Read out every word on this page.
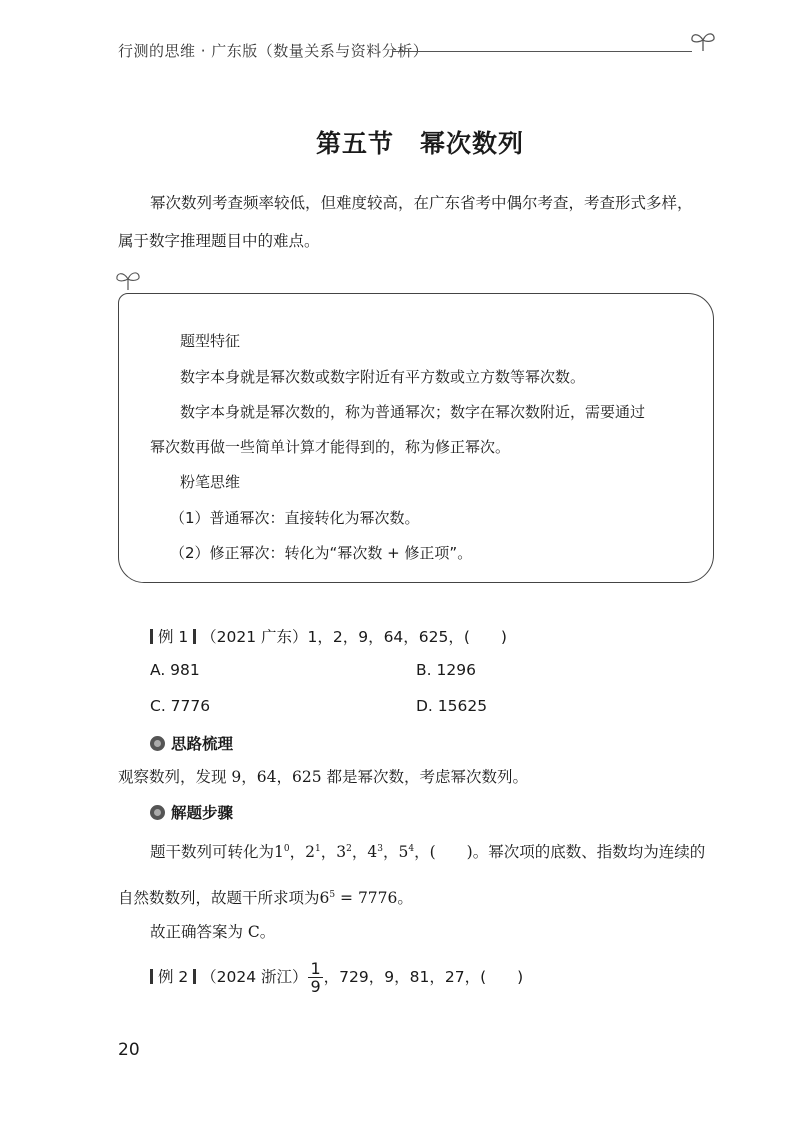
行测的思维 · 广东版（数量关系与资料分析）
第五节　幂次数列
幂次数列考查频率较低，但难度较高，在广东省考中偶尔考查，考查形式多样，
属于数字推理题目中的难点。
题型特征
数字本身就是幂次数或数字附近有平方数或立方数等幂次数。
数字本身就是幂次数的，称为普通幂次；数字在幂次数附近，需要通过
幂次数再做一些简单计算才能得到的，称为修正幂次。
粉笔思维
（1）普通幂次：直接转化为幂次数。
（2）修正幂次：转化为“幂次数 + 修正项”。
例 1 （2021 广东）1，2，9，64，625，(　　)
A. 981	B. 1296
C. 7776	D. 15625
思路梳理
观察数列，发现 9，64，625 都是幂次数，考虑幂次数列。
解题步骤
题干数列可转化为$1^0$，$2^1$，$3^2$，$4^3$，$5^4$，(　　)。幂次项的底数、指数均为连续的
自然数数列，故题干所求项为$6^5 = 7776$。
故正确答案为 C。
例 2 （2024 浙江） $\frac{1}{9}$ ，729，9，81，27，(　　)
20
